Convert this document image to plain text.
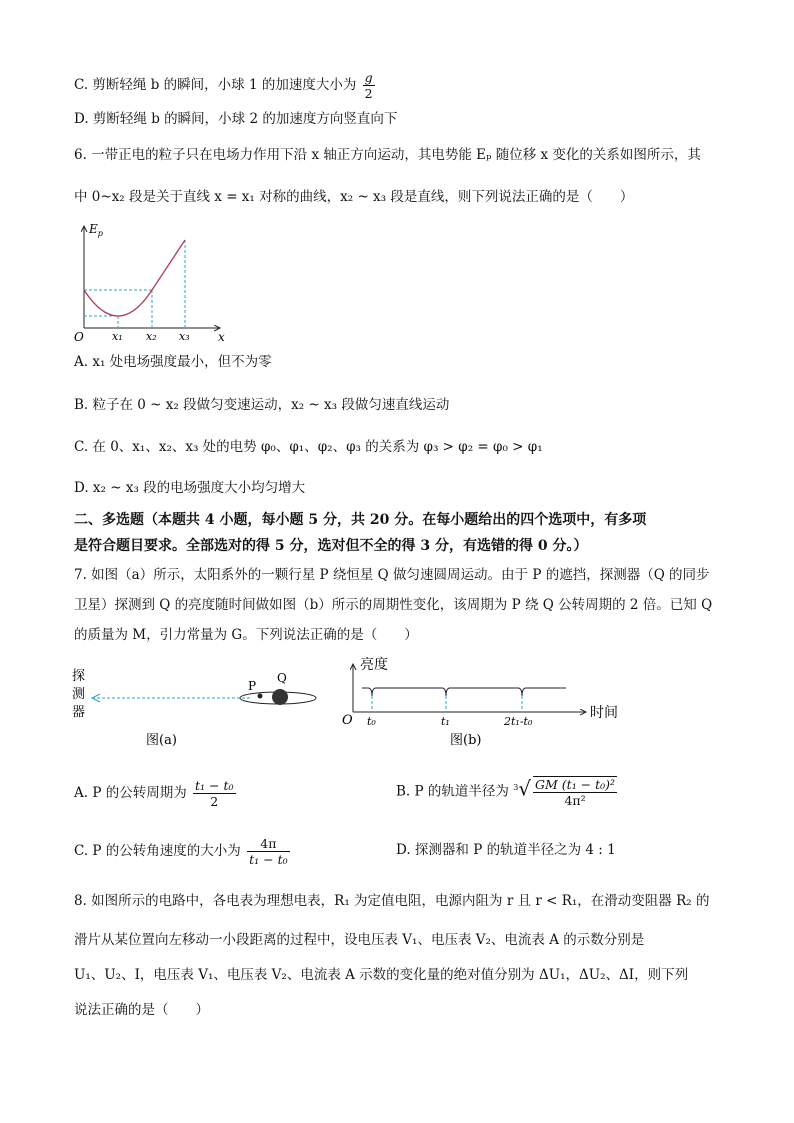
C. 剪断轻绳 b 的瞬间，小球 1 的加速度大小为 $\frac{g}{2}$
D. 剪断轻绳 b 的瞬间，小球 2 的加速度方向竖直向下
6. 一带正电的粒子只在电场力作用下沿 x 轴正方向运动，其电势能 Eₚ 随位移 x 变化的关系如图所示，其
中 0~x₂ 段是关于直线 x = x₁ 对称的曲线，x₂ ~ x₃ 段是直线，则下列说法正确的是（　　）
$E_p$
O	x
x₁ x₂ x₃
A. x₁ 处电场强度最小，但不为零
B. 粒子在 0 ~ x₂ 段做匀变速运动，x₂ ~ x₃ 段做匀速直线运动
C. 在 0、x₁、x₂、x₃ 处的电势 φ₀、φ₁、φ₂、φ₃ 的关系为 φ₃ > φ₂ = φ₀ > φ₁
D. x₂ ~ x₃ 段的电场强度大小均匀增大
二、多选题（本题共 4 小题，每小题 5 分，共 20 分。在每小题给出的四个选项中，有多项
是符合题目要求。全部选对的得 5 分，选对但不全的得 3 分，有选错的得 0 分。）
7. 如图（a）所示，太阳系外的一颗行星 P 绕恒星 Q 做匀速圆周运动。由于 P 的遮挡，探测器（Q 的同步
卫星）探测到 Q 的亮度随时间做如图（b）所示的周期性变化，该周期为 P 绕 Q 公转周期的 2 倍。已知 Q
的质量为 M，引力常量为 G。下列说法正确的是（　　）
探
测
器
P
Q
图(a)
亮度
时间
O t₀	t₁	2t₁-t₀
图(b)
A. P 的公转周期为 $\frac{\text{t₁ − t₀}}{2}$	B. P 的轨道半径为 $^3√ \frac{\text{GM (t₁ − t₀)²}}{\text{4π²}}$
C. P 的公转角速度的大小为 $\frac{4\pi}{\text{t₁ − t₀}}$	D. 探测器和 P 的轨道半径之为 4 : 1
8. 如图所示的电路中，各电表为理想电表，R₁ 为定值电阻，电源内阻为 r 且 r < R₁，在滑动变阻器 R₂ 的
滑片从某位置向左移动一小段距离的过程中，设电压表 V₁、电压表 V₂、电流表 A 的示数分别是
U₁、U₂、I，电压表 V₁、电压表 V₂、电流表 A 示数的变化量的绝对值分别为 ΔU₁，ΔU₂、ΔI，则下列
说法正确的是（　　）
